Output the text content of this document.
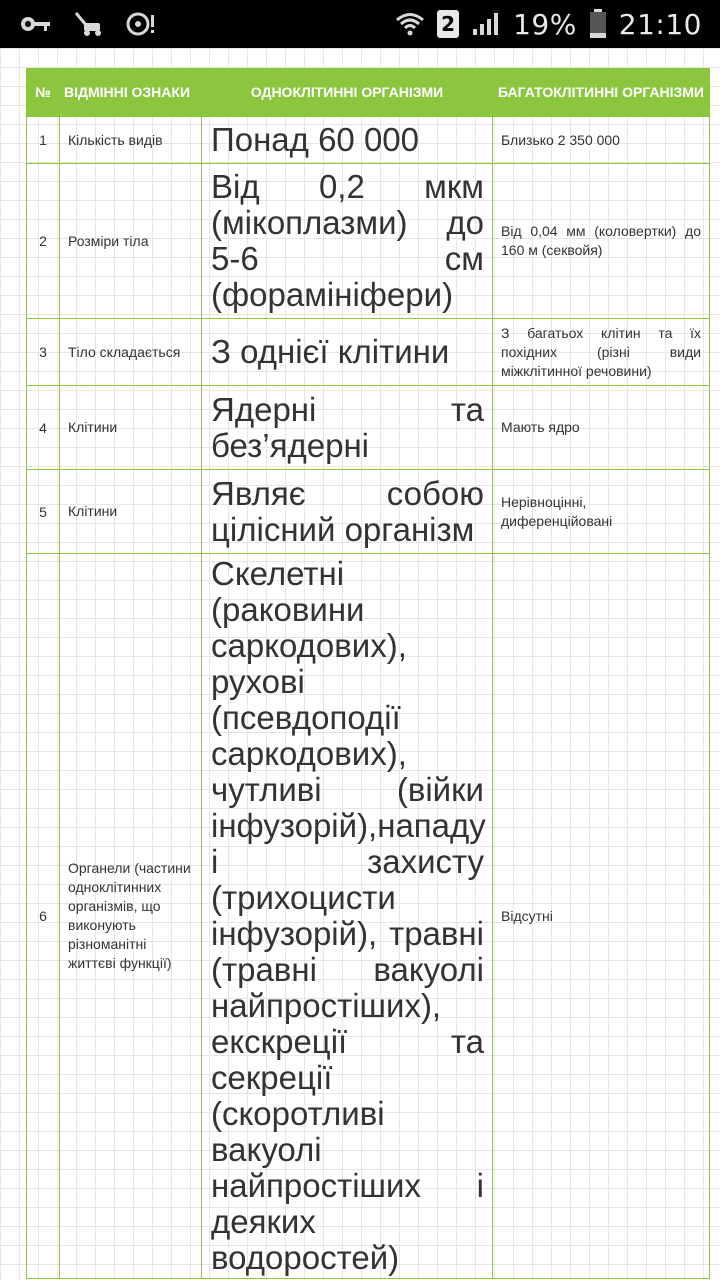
2 19% 21:10
№	ВІДМІННІ ОЗНАКИ	ОДНОКЛІТИННІ ОРГАНІЗМИ	БАГАТОКЛІТИННІ ОРГАНІЗМИ
1	Кількість видів	Понад 60 000	Близько 2 350 000
2	Розміри тіла	Від 0,2 мкм (мікоплазми) до 5-6 см (форамініфери)	Від 0,04 мм (коловертки) до 160 м (секвойя)
3	Тіло складається	З однієї клітини	З багатьох клітин та їх похідних (різні види міжклітинної речовини)
4	Клітини	Ядерні та без’ядерні	Мають ядро
5	Клітини	Являє собою цілісний організм	Нерівноцінні, диференційовані
6	Органели (частини одноклітинних організмів, що виконують різноманітні життєві функції)	Скелетні (раковини саркодових), рухові (псевдоподії саркодових), чутливі (війки інфузорій),нападу і захисту (трихоцисти інфузорій), травні (травні вакуолі найпростіших), екскреції та секреції (скоротливі вакуолі найпростіших і деяких водоростей)	Відсутні
